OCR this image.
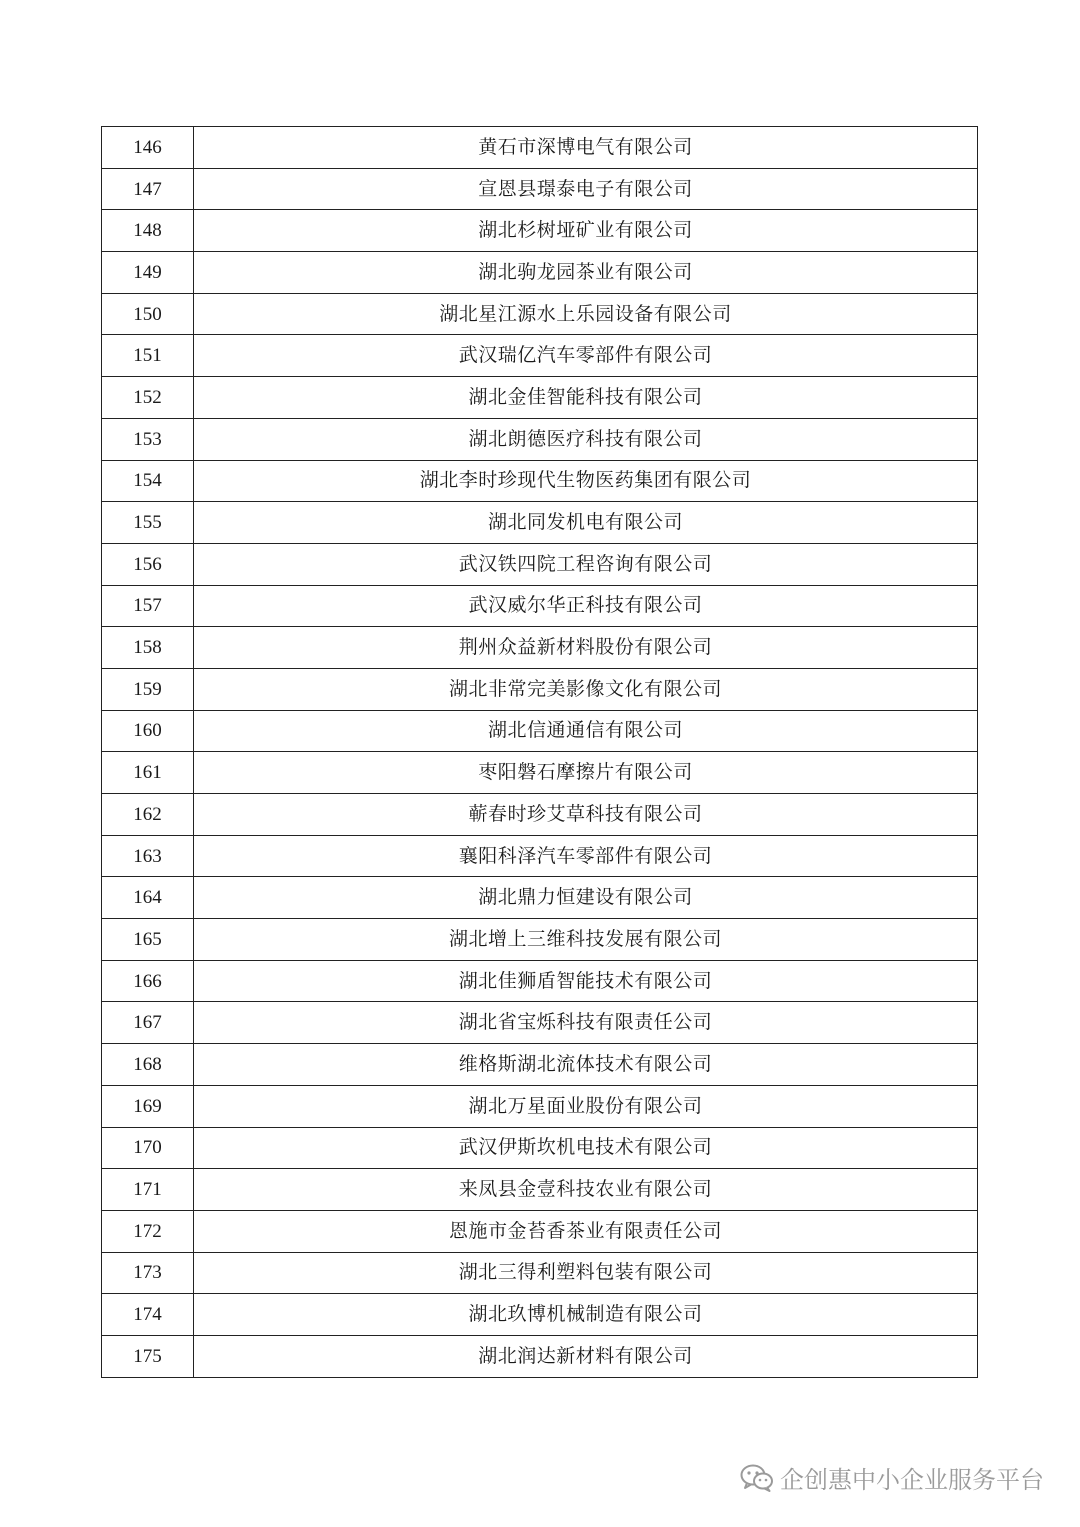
146	黄石市深博电气有限公司
147	宣恩县璟泰电子有限公司
148	湖北杉树垭矿业有限公司
149	湖北驹龙园茶业有限公司
150	湖北星江源水上乐园设备有限公司
151	武汉瑞亿汽车零部件有限公司
152	湖北金佳智能科技有限公司
153	湖北朗德医疗科技有限公司
154	湖北李时珍现代生物医药集团有限公司
155	湖北同发机电有限公司
156	武汉铁四院工程咨询有限公司
157	武汉威尔华正科技有限公司
158	荆州众益新材料股份有限公司
159	湖北非常完美影像文化有限公司
160	湖北信通通信有限公司
161	枣阳磐石摩擦片有限公司
162	蕲春时珍艾草科技有限公司
163	襄阳科泽汽车零部件有限公司
164	湖北鼎力恒建设有限公司
165	湖北增上三维科技发展有限公司
166	湖北佳狮盾智能技术有限公司
167	湖北省宝烁科技有限责任公司
168	维格斯湖北流体技术有限公司
169	湖北万星面业股份有限公司
170	武汉伊斯坎机电技术有限公司
171	来凤县金壹科技农业有限公司
172	恩施市金苔香茶业有限责任公司
173	湖北三得利塑料包装有限公司
174	湖北玖博机械制造有限公司
175	湖北润达新材料有限公司
企创惠中小企业服务平台
